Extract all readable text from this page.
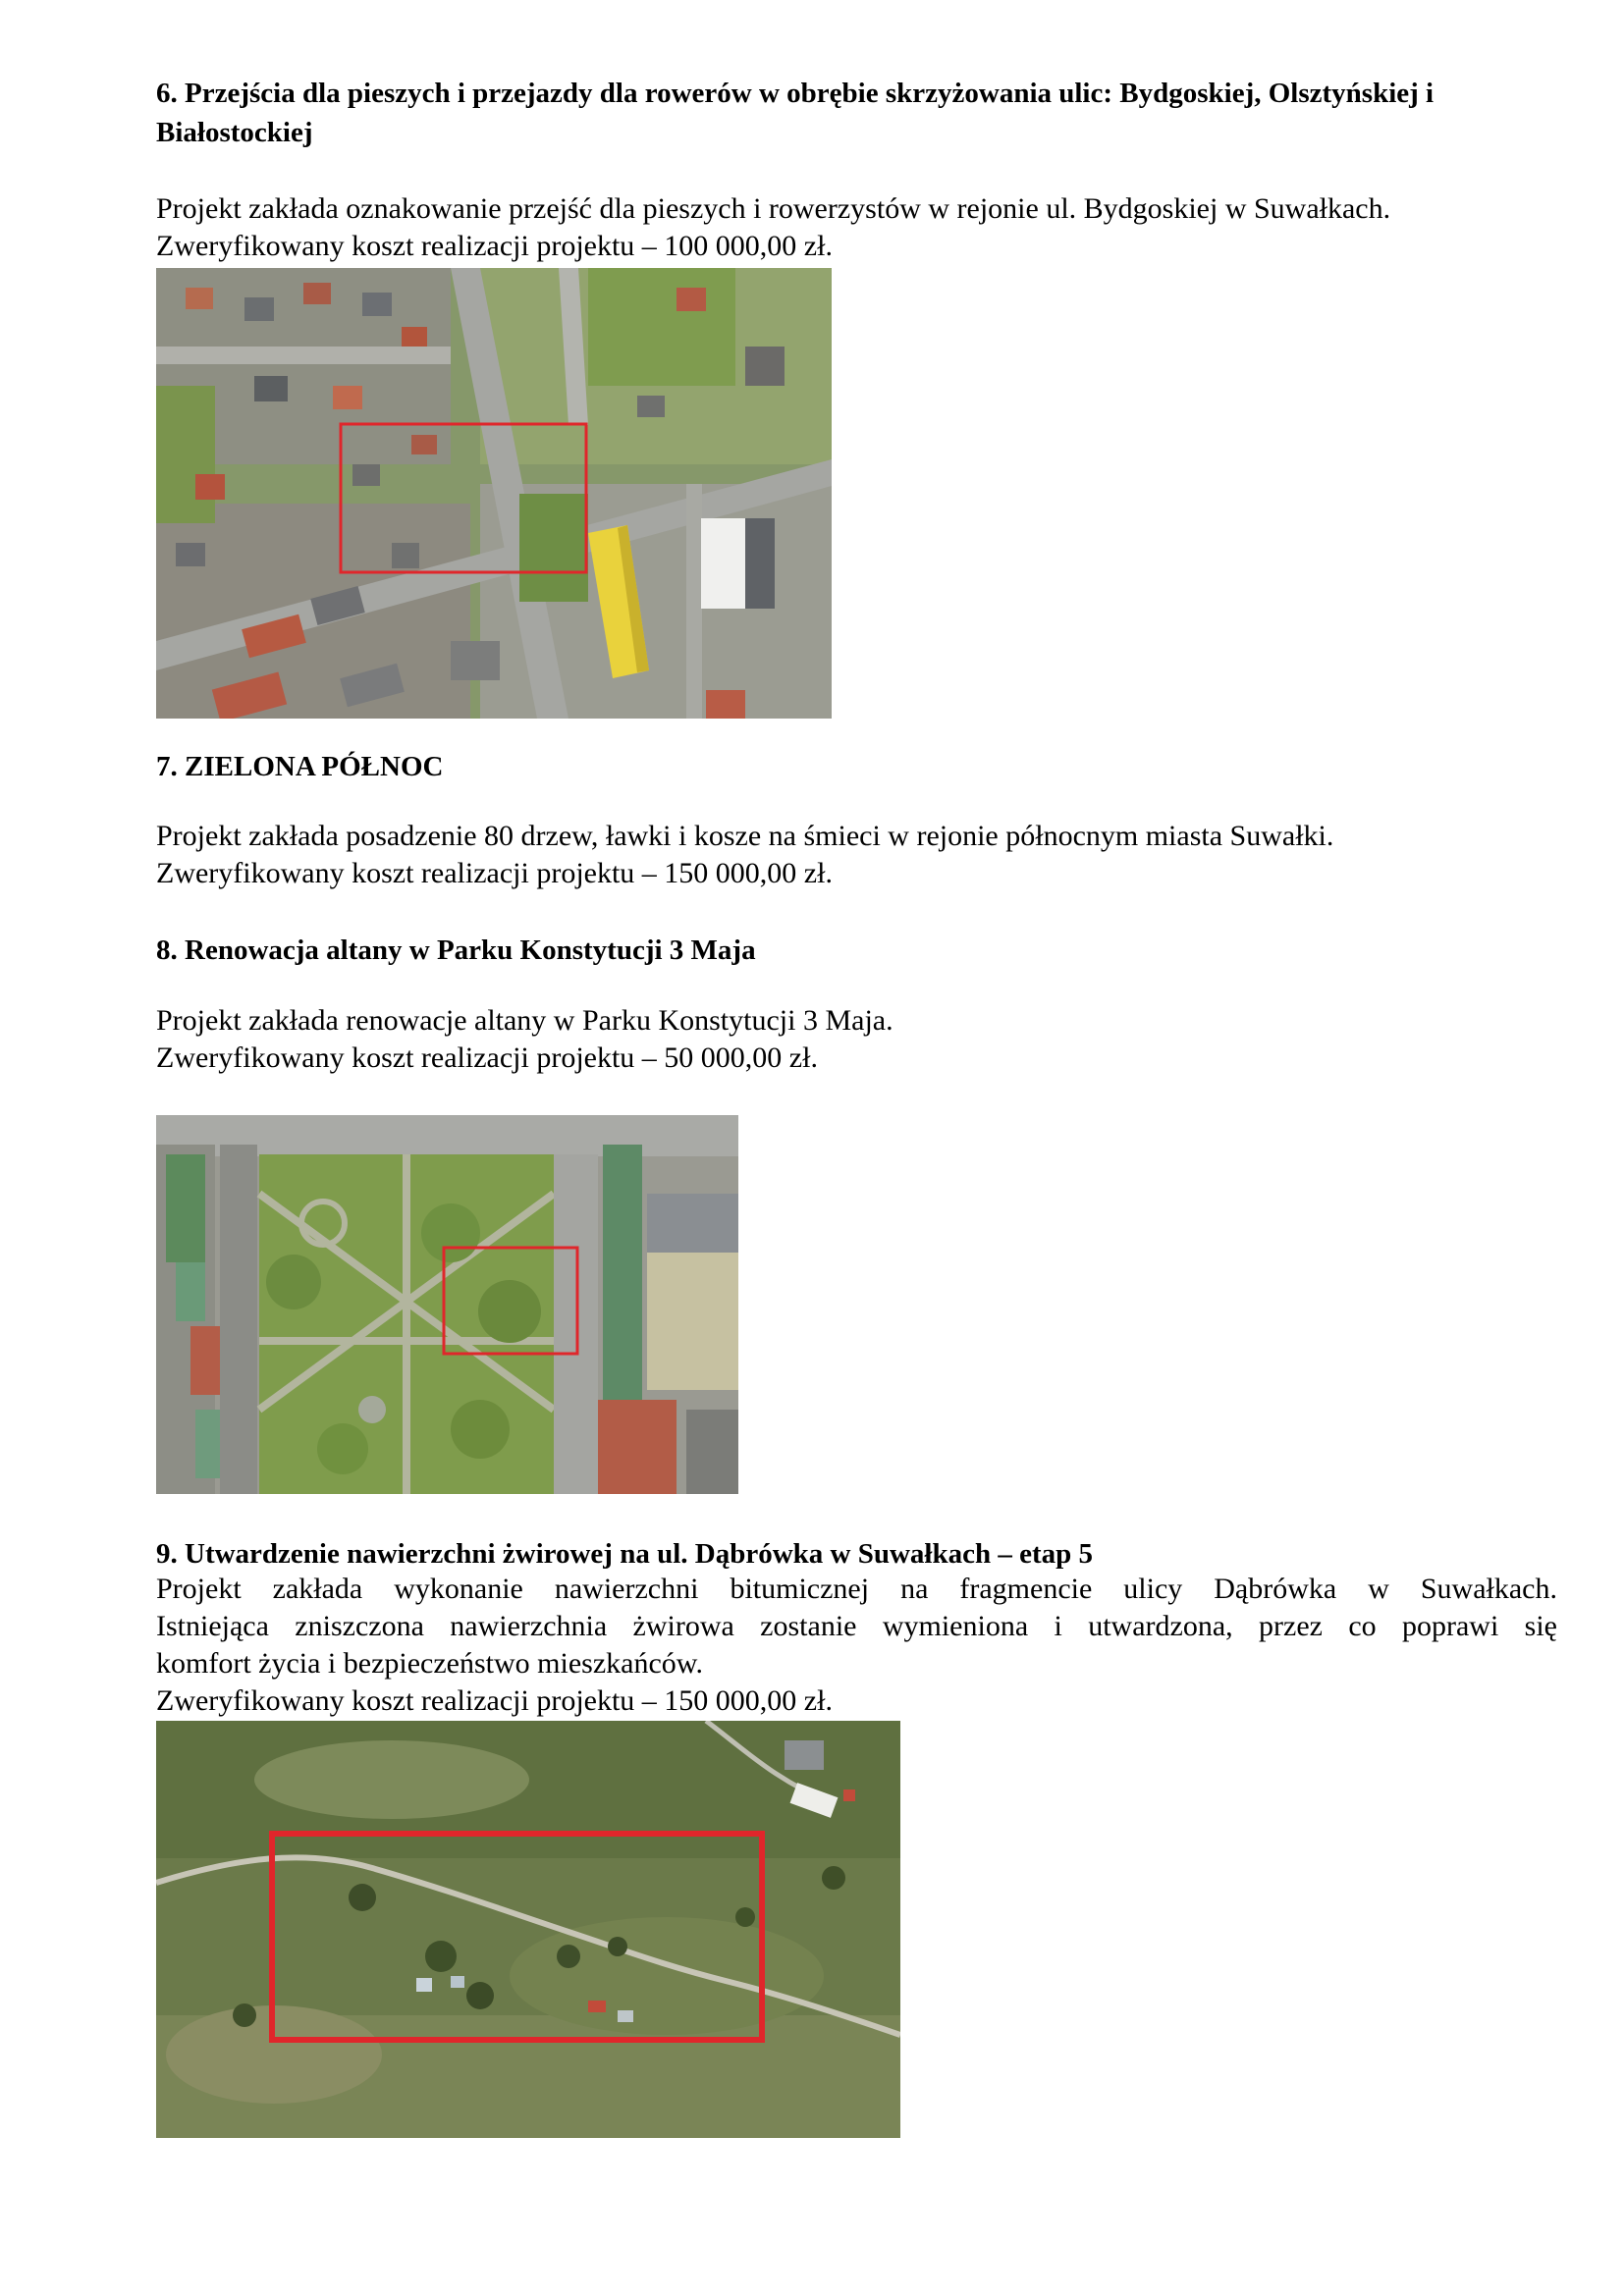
6. Przejścia dla pieszych i przejazdy dla rowerów w obrębie skrzyżowania ulic: Bydgoskiej, Olsztyńskiej i Białostockiej

Projekt zakłada oznakowanie przejść dla pieszych i rowerzystów w rejonie ul. Bydgoskiej w Suwałkach.

Zweryfikowany koszt realizacji projektu – 100 000,00 zł.

7. ZIELONA PÓŁNOC

Projekt zakłada posadzenie 80 drzew, ławki i kosze na śmieci w rejonie północnym miasta Suwałki.

Zweryfikowany koszt realizacji projektu – 150 000,00 zł.

8. Renowacja altany w Parku Konstytucji 3 Maja

Projekt zakłada renowacje altany w Parku Konstytucji 3 Maja.

Zweryfikowany koszt realizacji projektu – 50 000,00 zł.

9. Utwardzenie nawierzchni żwirowej na ul. Dąbrówka w Suwałkach – etap 5

Projekt zakłada wykonanie nawierzchni bitumicznej na fragmencie ulicy Dąbrówka w Suwałkach.
Istniejąca zniszczona nawierzchnia żwirowa zostanie wymieniona i utwardzona, przez co poprawi się
komfort życia i bezpieczeństwo mieszkańców.

Zweryfikowany koszt realizacji projektu – 150 000,00 zł.
